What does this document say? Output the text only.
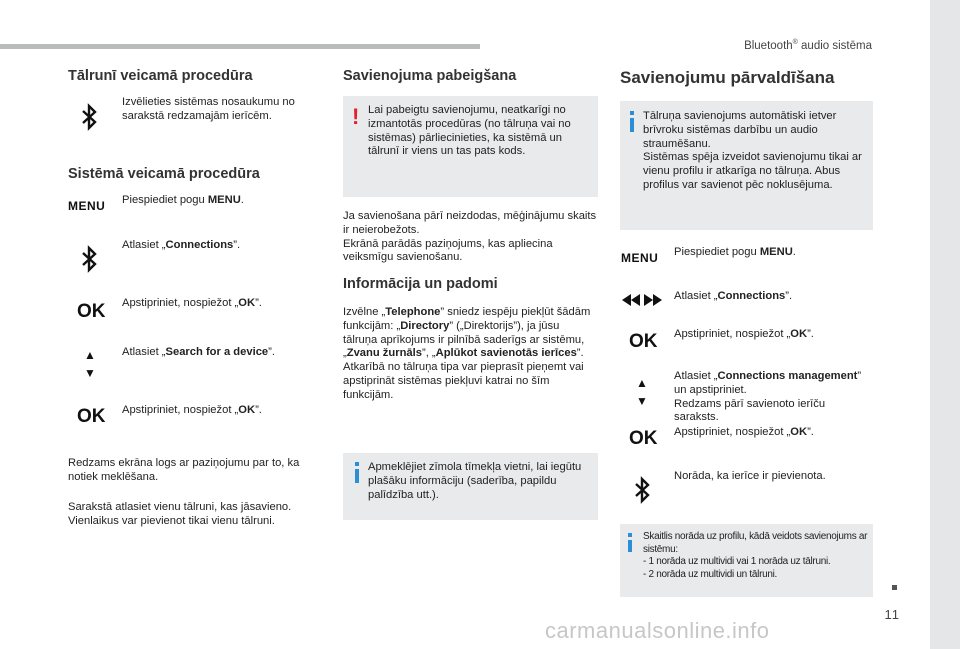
Bluetooth® audio sistēma
Tālrunī veicamā procedūra
Izvēlieties sistēmas nosaukumu no sarakstā redzamajām ierīcēm.
Sistēmā veicamā procedūra
MENU Piespiediet pogu MENU.
Atlasiet „Connections”.
OK Apstipriniet, nospiežot „OK”.
▲
▼
Atlasiet „Search for a device”.
OK Apstipriniet, nospiežot „OK”.
Redzams ekrāna logs ar paziņojumu par to, ka notiek meklēšana.
Sarakstā atlasiet vienu tālruni, kas jāsavieno. Vienlaikus var pievienot tikai vienu tālruni.
Savienojuma pabeigšana
! Lai pabeigtu savienojumu, neatkarīgi no izmantotās procedūras (no tālruņa vai no sistēmas) pārliecinieties, ka sistēmā un tālrunī ir viens un tas pats kods.
Ja savienošana pārī neizdodas, mēģinājumu skaits ir neierobežots.
Ekrānā parādās paziņojums, kas apliecina veiksmīgu savienošanu.
Informācija un padomi
Izvēlne „Telephone” sniedz iespēju piekļūt šādām funkcijām: „Directory” („Direktorijs”), ja jūsu tālruņa aprīkojums ir pilnībā saderīgs ar sistēmu, „Zvanu žurnāls”, „Aplūkot savienotās ierīces”.
Atkarībā no tālruņa tipa var pieprasīt pieņemt vai apstiprināt sistēmas piekļuvi katrai no šīm funkcijām.
Apmeklējiet zīmola tīmekļa vietni, lai iegūtu plašāku informāciju (saderība, papildu palīdzība utt.).
Savienojumu pārvaldīšana
Tālruņa savienojums automātiski ietver brīvroku sistēmas darbību un audio straumēšanu.
Sistēmas spēja izveidot savienojumu tikai ar vienu profilu ir atkarīga no tālruņa. Abus profilus var savienot pēc noklusējuma.
MENU Piespiediet pogu MENU.
Atlasiet „Connections”.
OK Apstipriniet, nospiežot „OK”.
▲
▼
Atlasiet „Connections management” un apstipriniet.
Redzams pārī savienoto ierīču saraksts.
OK Apstipriniet, nospiežot „OK”.
Norāda, ka ierīce ir pievienota.
Skaitlis norāda uz profilu, kādā veidots savienojums ar sistēmu:
- 1 norāda uz multividi vai 1 norāda uz tālruni.
- 2 norāda uz multividi un tālruni.
11
carmanualsonline.info
